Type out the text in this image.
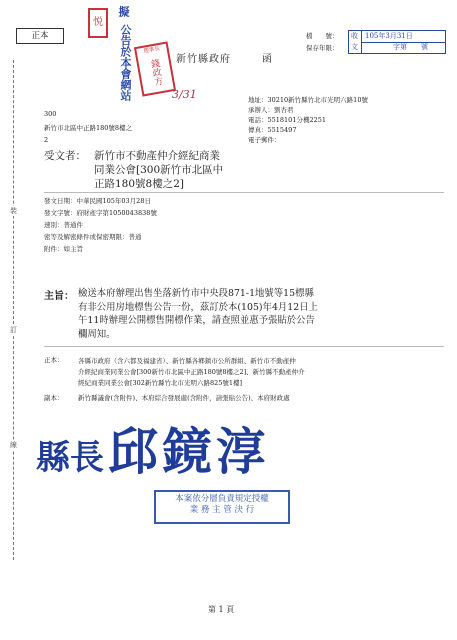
正本
悦
擬
公告於本會網站	理事長
錢政方
3/31
新竹縣政府	函
檔　　號：
保存年限：
收 105年3月31日
文	字第　　號
300
新竹市北區中正路180號8樓之
2
地址：30210新竹縣竹北市光明六路10號
承辦人：劉杏君
電話：5518101分機2251
傳真：5515497
電子郵件：
受文者： 新竹市不動產仲介經紀商業
同業公會[300新竹市北區中
正路180號8樓之2]
發文日期：中華民國105年03月28日
發文字號：府財產字第1050043838號
速別：普通件
密等及解密條件或保密期限：普通
附件：如主旨
主旨： 檢送本府辦理出售坐落新竹市中央段871-1地號等15標縣
有非公用房地標售公告一份，茲訂於本(105)年4月12日上
午11時辦理公開標售開標作業，請查照並惠予張貼於公告
欄周知。
正本： 各縣市政府（含六都及福建省）、新竹縣各鄉鎮市公所群組、新竹市不動產仲
介經紀商業同業公會[300新竹市北區中正路180號8樓之2]、新竹縣不動產仲介
經紀商業同業公會[302新竹縣竹北市光明六路825號1樓]
副本： 新竹縣議會(含附件)、本府綜合發展處(含附件，請張貼公告)、本府財政處
縣長 邱鏡淳
本案依分層負責規定授權
業 務 主 管 決 行
裝
訂
線
第 1 頁
